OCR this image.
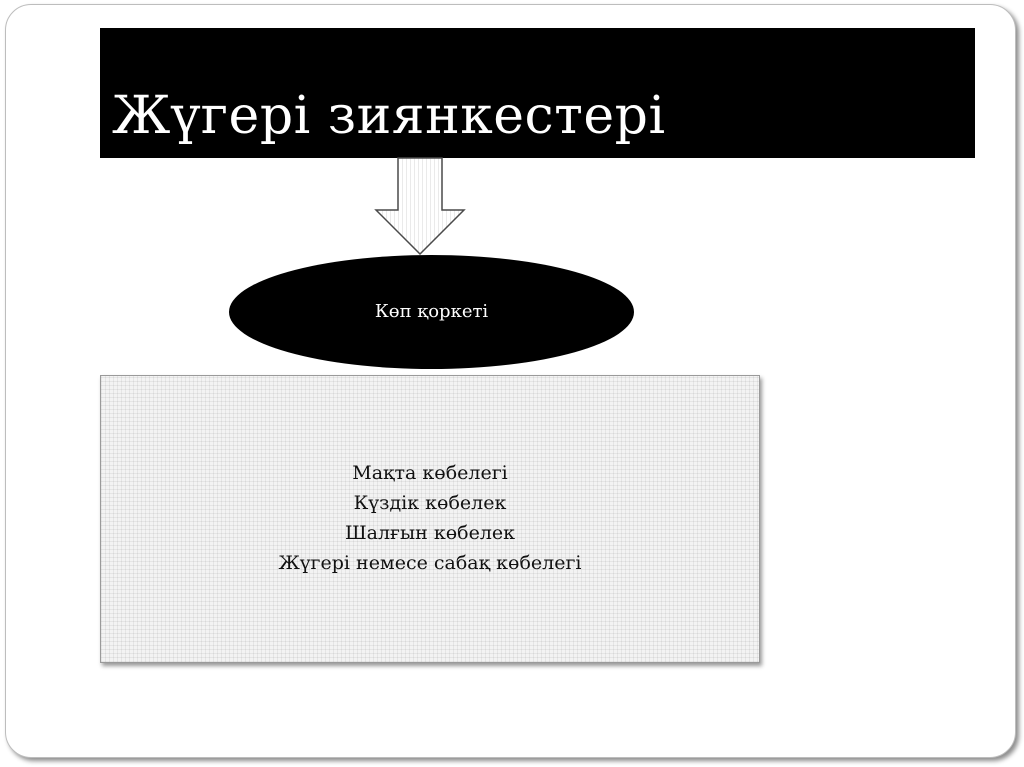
Жүгері зиянкестері
Көп қоркеті
Мақта көбелегі
Күздік көбелек
Шалғын көбелек
Жүгері немесе сабақ көбелегі
